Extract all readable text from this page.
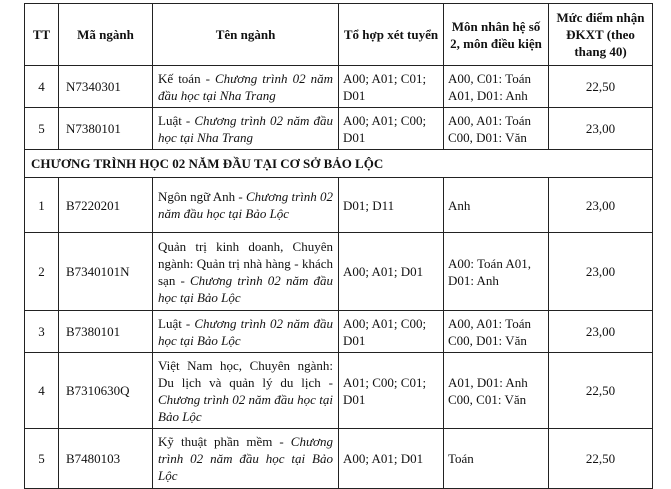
TT	Mã ngành	Tên ngành	Tổ hợp xét tuyển	Môn nhân hệ số 2, môn điều kiện	Mức điểm nhận ĐKXT (theo thang 40)
4	N7340301	Kế toán - Chương trình 02 năm đầu học tại Nha Trang	A00; A01; C01; D01	A00, C01: Toán A01, D01: Anh	22,50
5	N7380101	Luật - Chương trình 02 năm đầu học tại Nha Trang	A00; A01; C00; D01	A00, A01: Toán C00, D01: Văn	23,00
CHƯƠNG TRÌNH HỌC 02 NĂM ĐẦU TẠI CƠ SỞ BẢO LỘC					
1	B7220201	Ngôn ngữ Anh - Chương trình 02 năm đầu học tại Bảo Lộc	D01; D11	Anh	23,00
2	B7340101N	Quản trị kinh doanh, Chuyên ngành: Quản trị nhà hàng - khách sạn - Chương trình 02 năm đầu học tại Bảo Lộc	A00; A01; D01	A00: Toán A01, D01: Anh	23,00
3	B7380101	Luật - Chương trình 02 năm đầu học tại Bảo Lộc	A00; A01; C00; D01	A00, A01: Toán C00, D01: Văn	23,00
4	B7310630Q	Việt Nam học, Chuyên ngành: Du lịch và quản lý du lịch -Chương trình 02 năm đầu học tại Bảo Lộc	A01; C00; C01; D01	A01, D01: Anh C00, C01: Văn	22,50
5	B7480103	Kỹ thuật phần mềm - Chương trình 02 năm đầu học tại Bảo Lộc	A00; A01; D01	Toán	22,50
